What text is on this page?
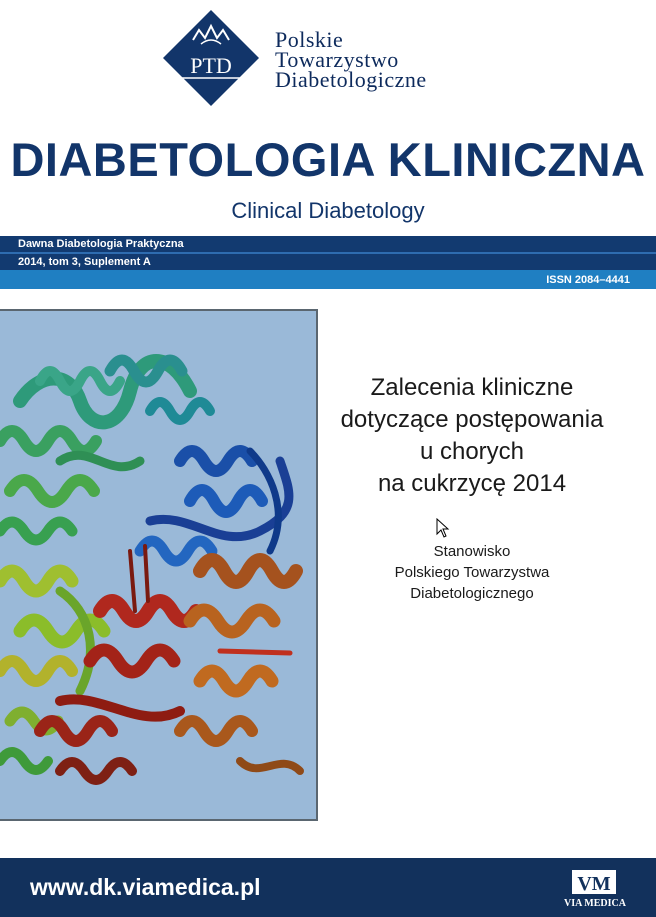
PTD
Polskie
Towarzystwo
Diabetologiczne
DIABETOLOGIA KLINICZNA
Clinical Diabetology
Dawna Diabetologia Praktyczna
2014, tom 3, Suplement A
ISSN 2084–4441
Zalecenia kliniczne
dotyczące postępowania
u chorych
na cukrzycę 2014
Stanowisko
Polskiego Towarzystwa
Diabetologicznego
www.dk.viamedica.pl	VM
VIA MEDICA
